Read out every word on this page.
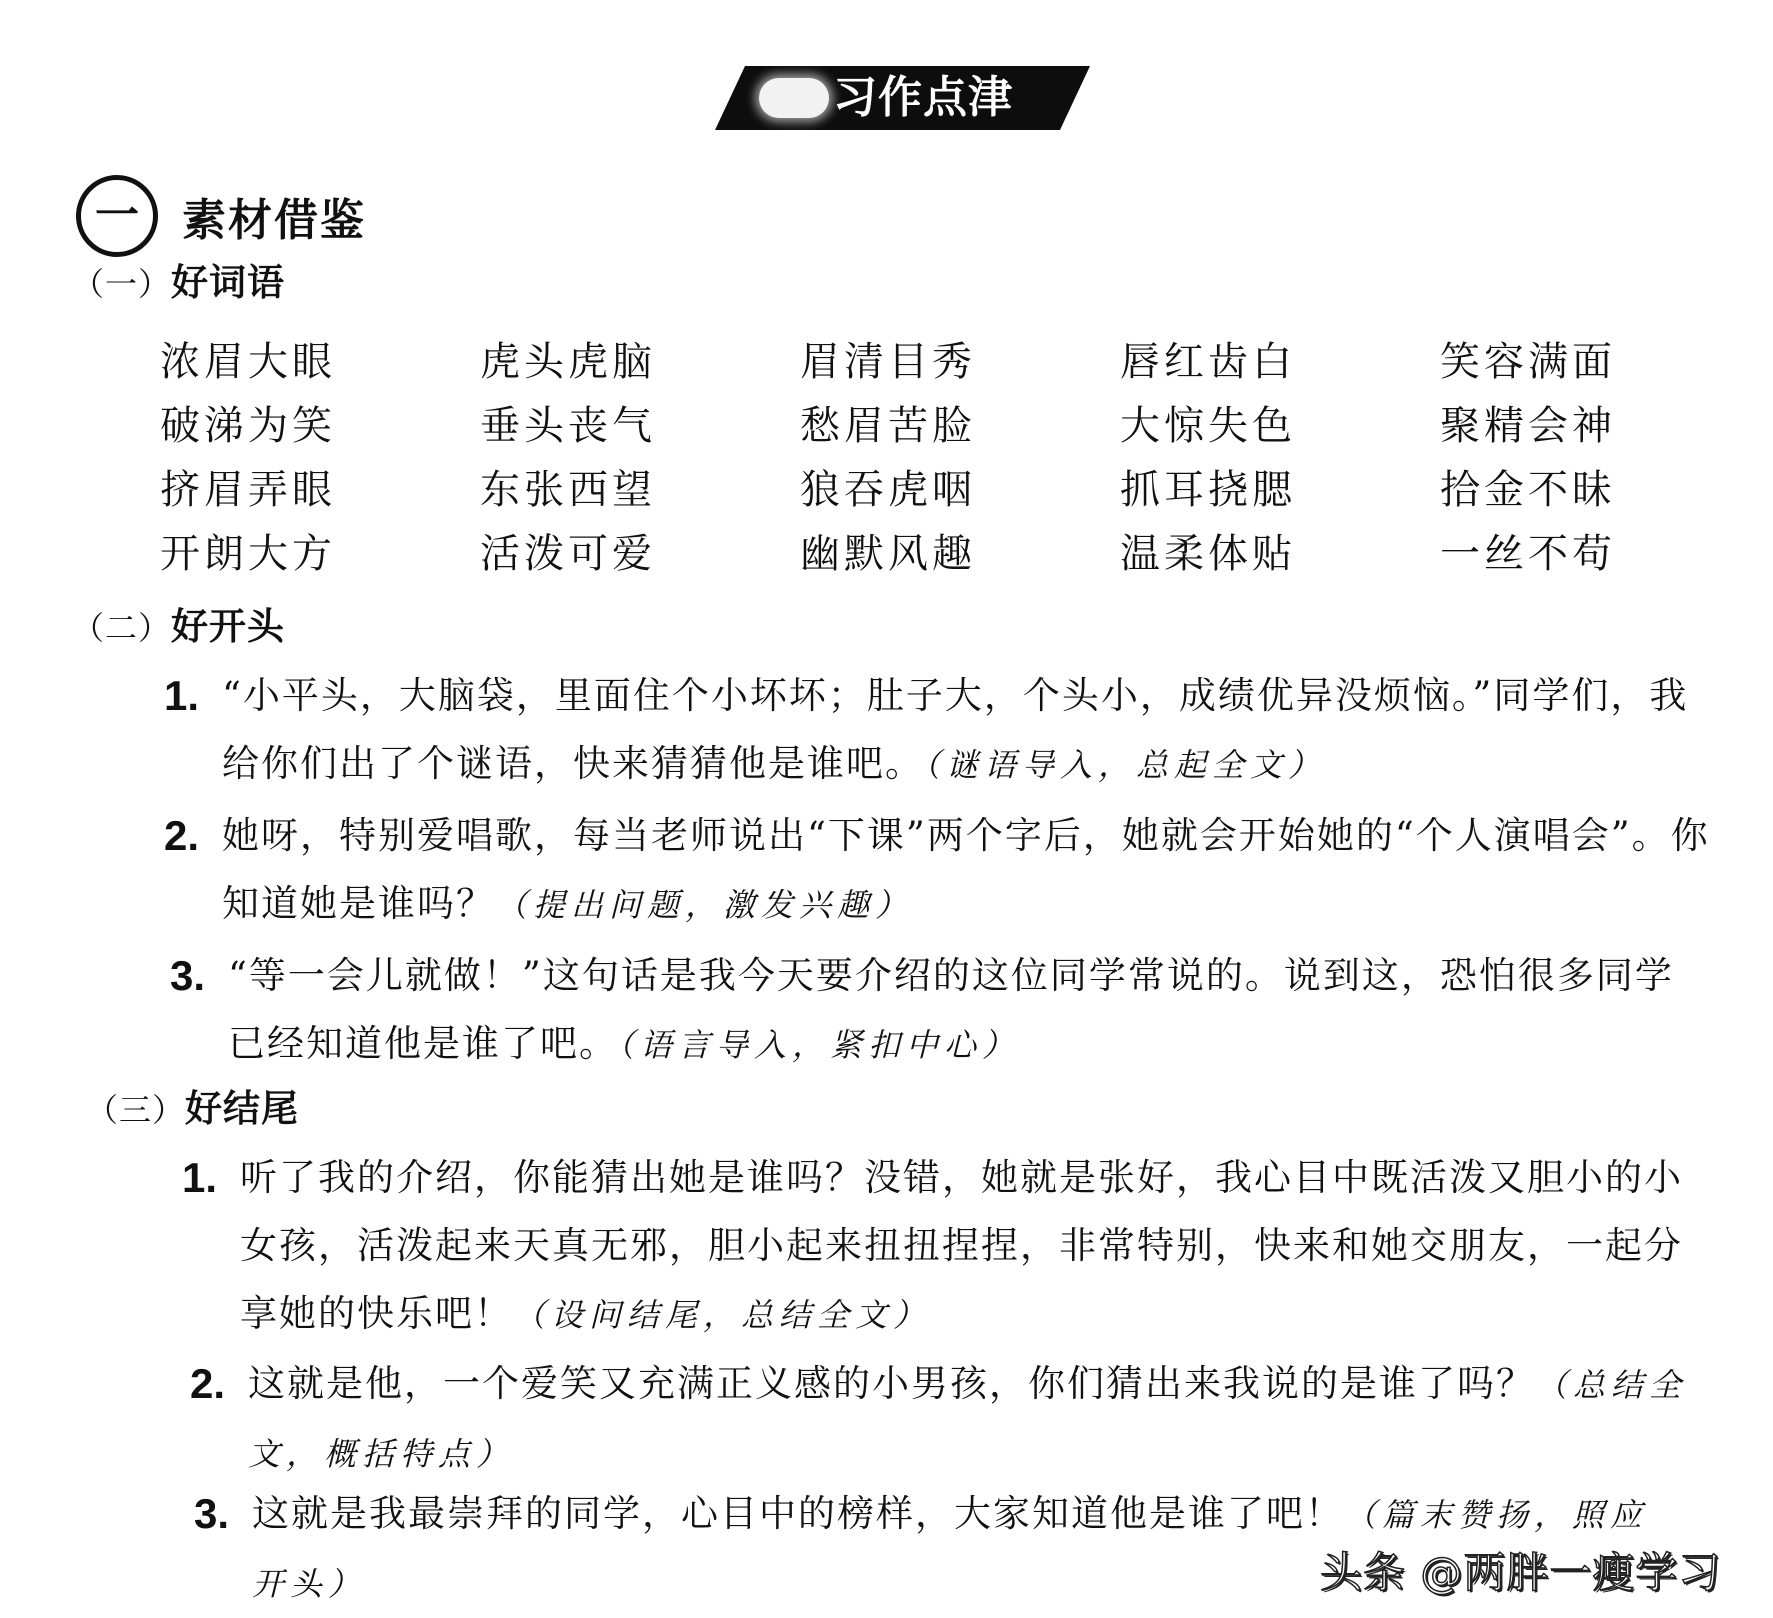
习作点津
一 素材借鉴
（一）好词语
浓眉大眼	虎头虎脑	眉清目秀	唇红齿白	笑容满面
破涕为笑	垂头丧气	愁眉苦脸	大惊失色	聚精会神
挤眉弄眼	东张西望	狼吞虎咽	抓耳挠腮	拾金不昧
开朗大方	活泼可爱	幽默风趣	温柔体贴	一丝不苟
（二）好开头
1. “小平头，大脑袋，里面住个小坏坏；肚子大，个头小，成绩优异没烦恼。”同学们，我给你们出了个谜语，快来猜猜他是谁吧。（谜语导入，总起全文）
2. 她呀，特别爱唱歌，每当老师说出“下课”两个字后，她就会开始她的“个人演唱会”。你知道她是谁吗？（提出问题，激发兴趣）
3. “等一会儿就做！”这句话是我今天要介绍的这位同学常说的。说到这，恐怕很多同学已经知道他是谁了吧。（语言导入，紧扣中心）
（三）好结尾
1. 听了我的介绍，你能猜出她是谁吗？没错，她就是张好，我心目中既活泼又胆小的小女孩，活泼起来天真无邪，胆小起来扭扭捏捏，非常特别，快来和她交朋友，一起分享她的快乐吧！（设问结尾，总结全文）
2. 这就是他，一个爱笑又充满正义感的小男孩，你们猜出来我说的是谁了吗？（总结全文，概括特点）
3. 这就是我最崇拜的同学，心目中的榜样，大家知道他是谁了吧！（篇末赞扬，照应开头）	头条 @两胖一瘦学习
